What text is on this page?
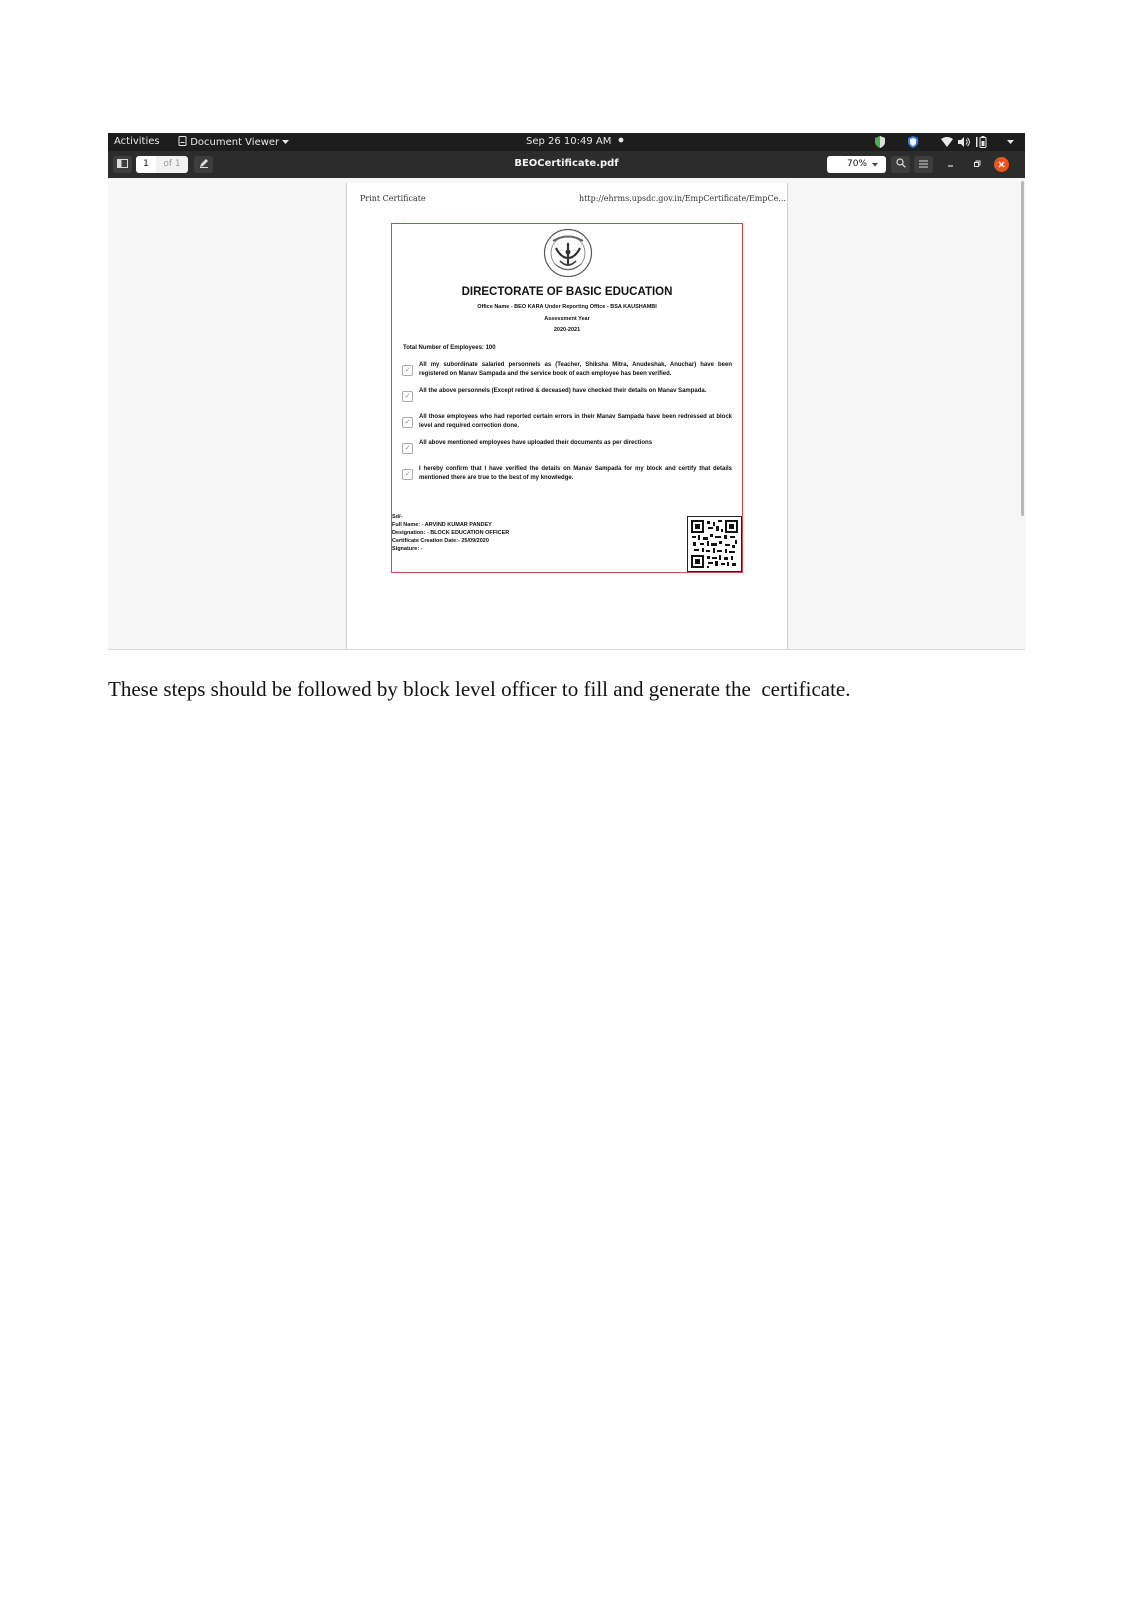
Activities	Document Viewer	Sep 26 10:49 AM
1	of 1	BEOCertificate.pdf	70%
Print Certificate	http://ehrms.upsdc.gov.in/EmpCertificate/EmpCe...
DIRECTORATE OF BASIC EDUCATION
Office Name - BEO KARA Under Reporting Office - BSA KAUSHAMBI
Assessment Year
2020-2021
Total Number of Employees: 100
✓
All my subordinate salaried personnels as (Teacher, Shiksha Mitra, Anudeshak, Anuchar) have been registered on Manav Sampada and the service book of each employee has been verified.
✓
All the above personnels (Except retired & deceased) have checked their details on Manav Sampada.
✓
All those employees who had reported certain errors in their Manav Sampada have been redressed at block level and required correction done.
✓
All above mentioned employees have uploaded their documents as per directions
✓
I hereby confirm that I have verified the details on Manav Sampada for my block and certify that details mentioned there are true to the best of my knowledge.
Sd/-
Full Name: - ARVIND KUMAR PANDEY
Designation: - BLOCK EDUCATION OFFICER
Certificate Creation Date:- 25/09/2020
Signature: -
These steps should be followed by block level officer to fill and generate the  certificate.
